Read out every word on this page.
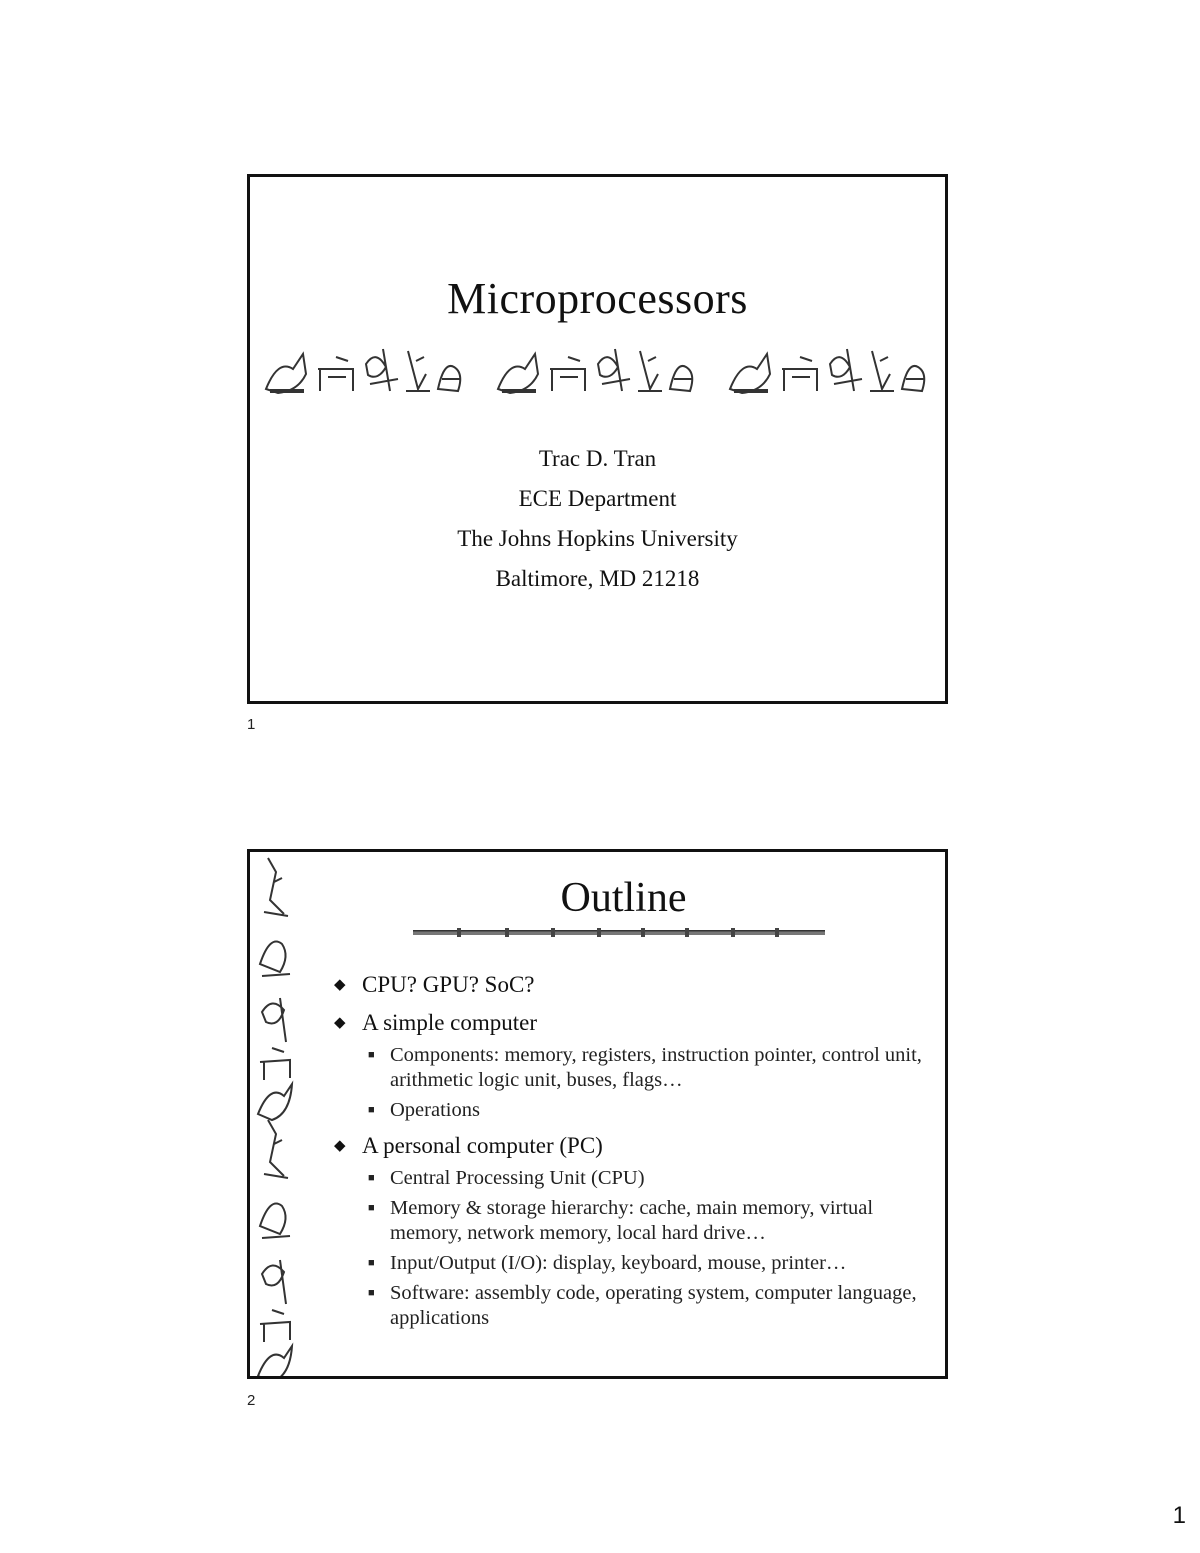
Microprocessors
Trac D. Tran
ECE Department
The Johns Hopkins University
Baltimore, MD 21218
1
Outline
◆ CPU? GPU? SoC?
◆ A simple computer
■ Components: memory, registers, instruction pointer, control unit, arithmetic logic unit, buses, flags…
■ Operations
◆ A personal computer (PC)
■ Central Processing Unit (CPU)
■ Memory & storage hierarchy: cache, main memory, virtual memory, network memory, local hard drive…
■ Input/Output (I/O): display, keyboard, mouse, printer…
■ Software: assembly code, operating system, computer language, applications
2
1
